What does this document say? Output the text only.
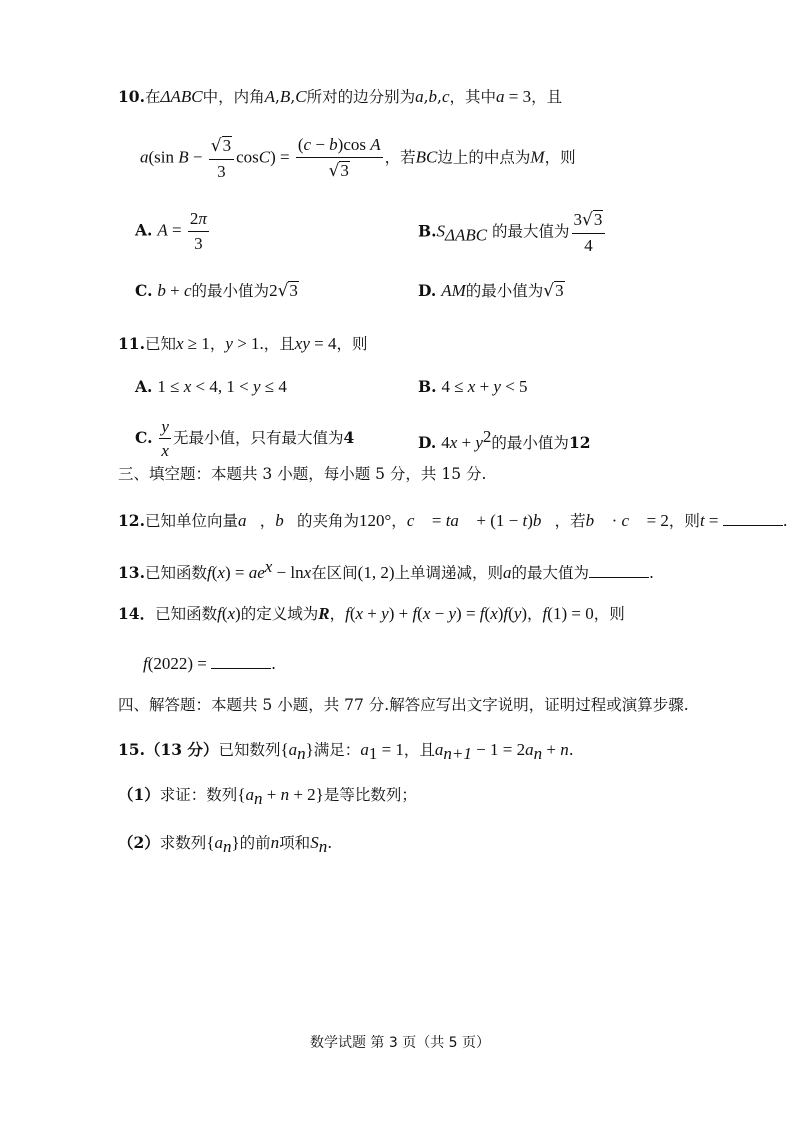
10.在ΔABC中，内角A,B,C所对的边分别为a,b,c，其中a = 3，且
a(sin $B - \frac{√3}{3} \cos C) = \frac{\text{(c − b)cos A}}{√3}$ ，若BC边上的中点为M，则
A. $A = \frac{2\pi}{3}$	$B.S_{\Delta ABC}$ 的最大值为 $\frac{3√3}{4}$
C. b + c的最小值为2√3	D. AM的最小值为√3
11.已知x ≥ 1，y > 1.，且xy = 4，则
A. 1 ≤ x < 4, 1 < y ≤ 4	B. 4 ≤ x + y < 5
C. $\frac{y}{x}$ 无最小值，只有最大值为4	D. $4x + y^2$的最小值为12
三、填空题：本题共 3 小题，每小题 5 分，共 15 分.
12.已知单位向量a⃗，b⃗的夹角为120°，c⃗ = ta⃗ + (1 − t)b⃗，若b⃗ · c⃗ = 2，则t =	.
13.已知函数$f(x) = ae^x - \ln x$在区间(1, 2)上单调递减，则a的最大值为	.
14．已知函数f(x)的定义域为R，f(x + y) + f(x − y) = f(x)f(y)，f(1) = 0，则
f(2022) =	.
四、解答题：本题共 5 小题，共 77 分.解答应写出文字说明，证明过程或演算步骤.
15.（13 分）已知数列$\{a_n\}$满足：$a_1 = 1$，且$a_{n+1} - 1 = 2a_n + n$.
（1）求证：数列$\{a_n + n + 2\}$是等比数列；
（2）求数列$\{a_n\}$的前n项和$S_n$.
数学试题 第 3 页（共 5 页）
